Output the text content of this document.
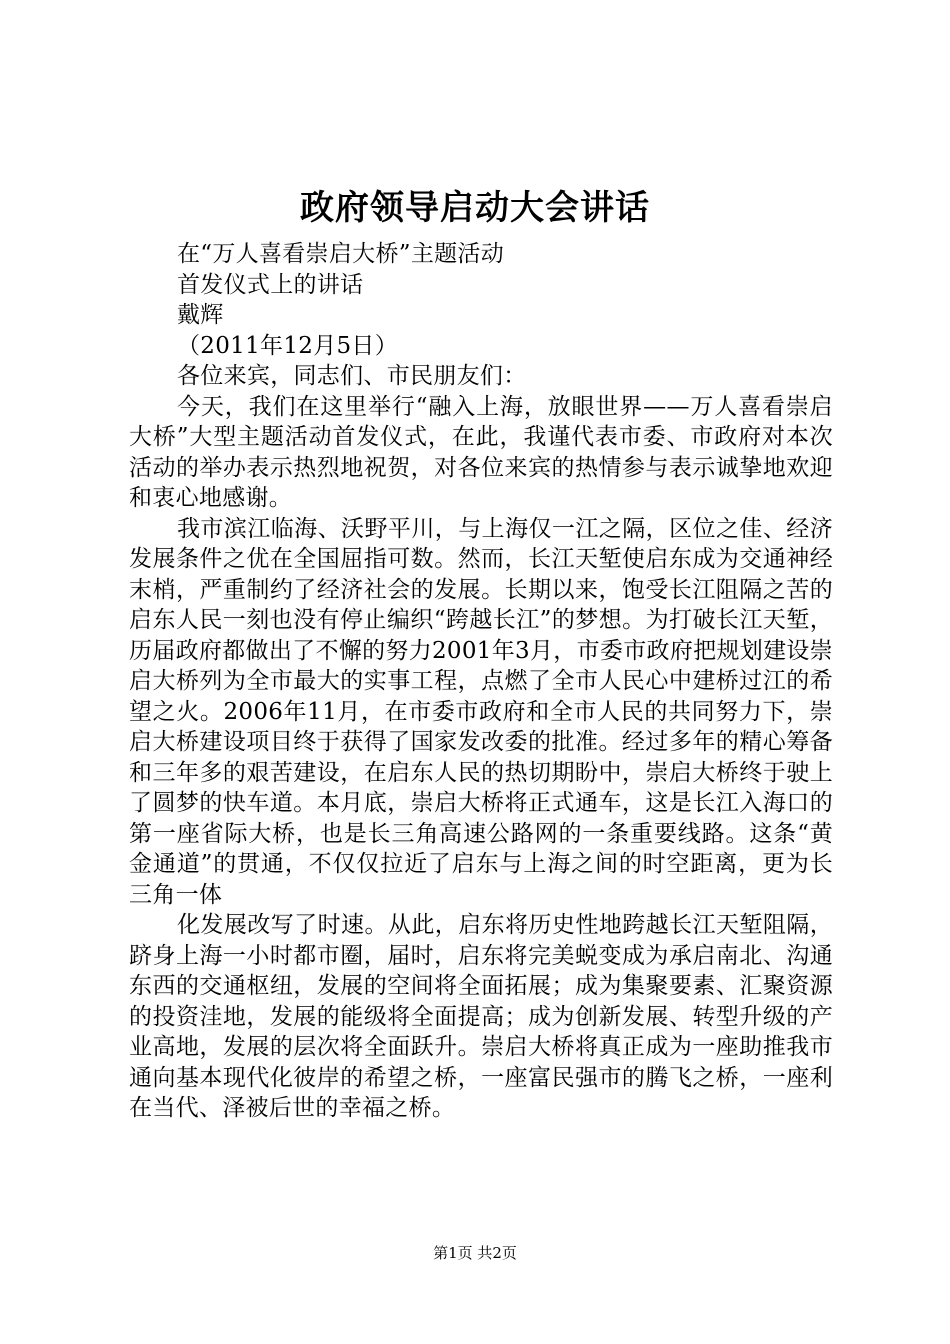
政府领导启动大会讲话
在“万人喜看崇启大桥”主题活动
首发仪式上的讲话
戴辉
（2011年12月5日）
各位来宾，同志们、市民朋友们：
今天，我们在这里举行“融入上海，放眼世界——万人喜看崇启大桥”大型主题活动首发仪式，在此，我谨代表市委、市政府对本次活动的举办表示热烈地祝贺，对各位来宾的热情参与表示诚挚地欢迎和衷心地感谢。
我市滨江临海、沃野平川，与上海仅一江之隔，区位之佳、经济发展条件之优在全国屈指可数。然而，长江天堑使启东成为交通神经末梢，严重制约了经济社会的发展。长期以来，饱受长江阻隔之苦的启东人民一刻也没有停止编织“跨越长江”的梦想。为打破长江天堑，历届政府都做出了不懈的努力2001年3月，市委市政府把规划建设崇启大桥列为全市最大的实事工程，点燃了全市人民心中建桥过江的希望之火。2006年11月，在市委市政府和全市人民的共同努力下，崇启大桥建设项目终于获得了国家发改委的批准。经过多年的精心筹备和三年多的艰苦建设，在启东人民的热切期盼中，崇启大桥终于驶上了圆梦的快车道。本月底，崇启大桥将正式通车，这是长江入海口的第一座省际大桥，也是长三角高速公路网的一条重要线路。这条“黄金通道”的贯通，不仅仅拉近了启东与上海之间的时空距离，更为长三角一体
化发展改写了时速。从此，启东将历史性地跨越长江天堑阻隔，跻身上海一小时都市圈，届时，启东将完美蜕变成为承启南北、沟通东西的交通枢纽，发展的空间将全面拓展；成为集聚要素、汇聚资源的投资洼地，发展的能级将全面提高；成为创新发展、转型升级的产业高地，发展的层次将全面跃升。崇启大桥将真正成为一座助推我市通向基本现代化彼岸的希望之桥，一座富民强市的腾飞之桥，一座利在当代、泽被后世的幸福之桥。
第1页 共2页
